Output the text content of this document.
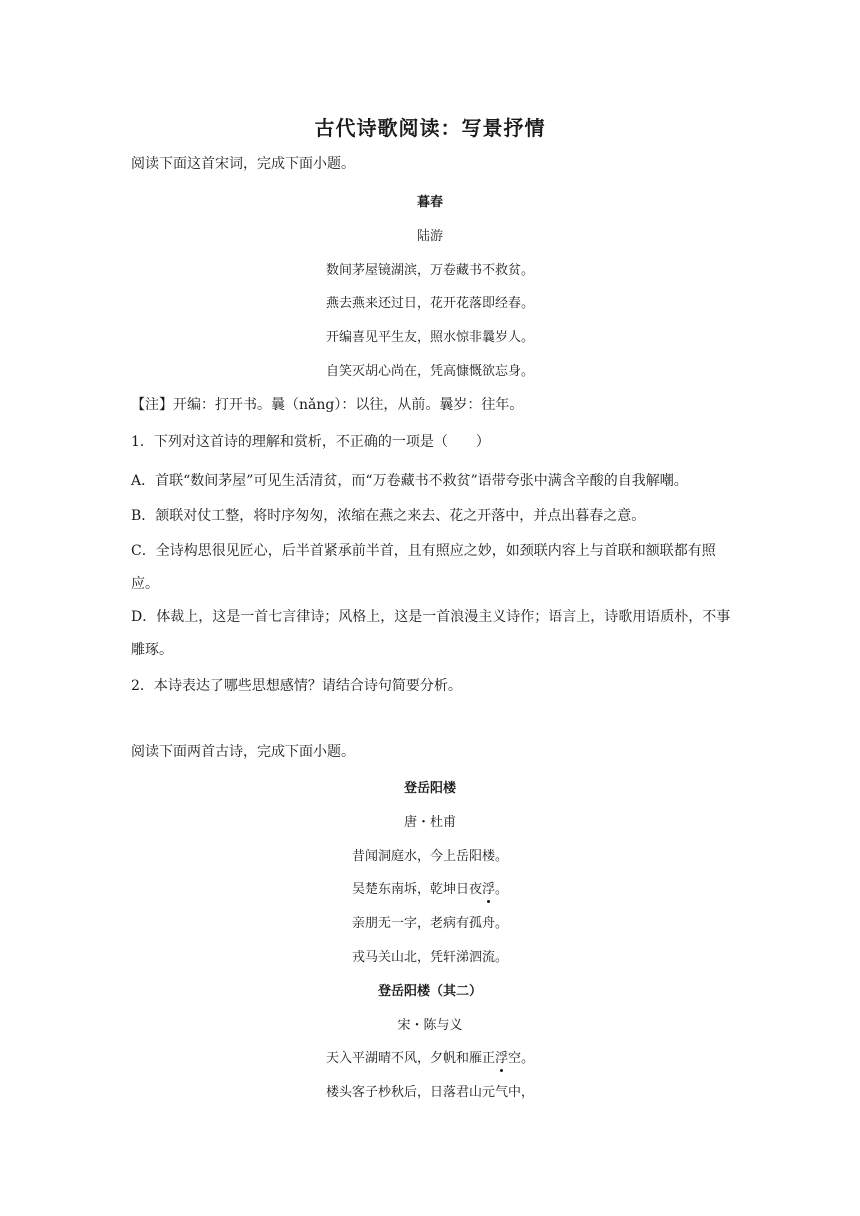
古代诗歌阅读：写景抒情
阅读下面这首宋词，完成下面小题。
暮春
陆游
数间茅屋镜湖滨，万卷藏书不救贫。
燕去燕来还过日，花开花落即经春。
开编喜见平生友，照水惊非曩岁人。
自笑灭胡心尚在，凭高慷慨欲忘身。
【注】开编：打开书。曩（nǎng）：以往，从前。曩岁：往年。
1．下列对这首诗的理解和赏析，不正确的一项是（　　）
A．首联“数间茅屋”可见生活清贫，而“万卷藏书不救贫”语带夸张中满含辛酸的自我解嘲。
B．颔联对仗工整，将时序匆匆，浓缩在燕之来去、花之开落中，并点出暮春之意。
C．全诗构思很见匠心，后半首紧承前半首，且有照应之妙，如颈联内容上与首联和额联都有照应。
D．体裁上，这是一首七言律诗；风格上，这是一首浪漫主义诗作；语言上，诗歌用语质朴，不事雕琢。
2．本诗表达了哪些思想感情？请结合诗句简要分析。
阅读下面两首古诗，完成下面小题。
登岳阳楼
唐・杜甫
昔闻洞庭水，今上岳阳楼。
吴楚东南坼，乾坤日夜浮。
亲朋无一字，老病有孤舟。
戎马关山北，凭轩涕泗流。
登岳阳楼（其二）
宋・陈与义
天入平湖晴不风，夕帆和雁正浮空。
楼头客子杪秋后，日落君山元气中，
